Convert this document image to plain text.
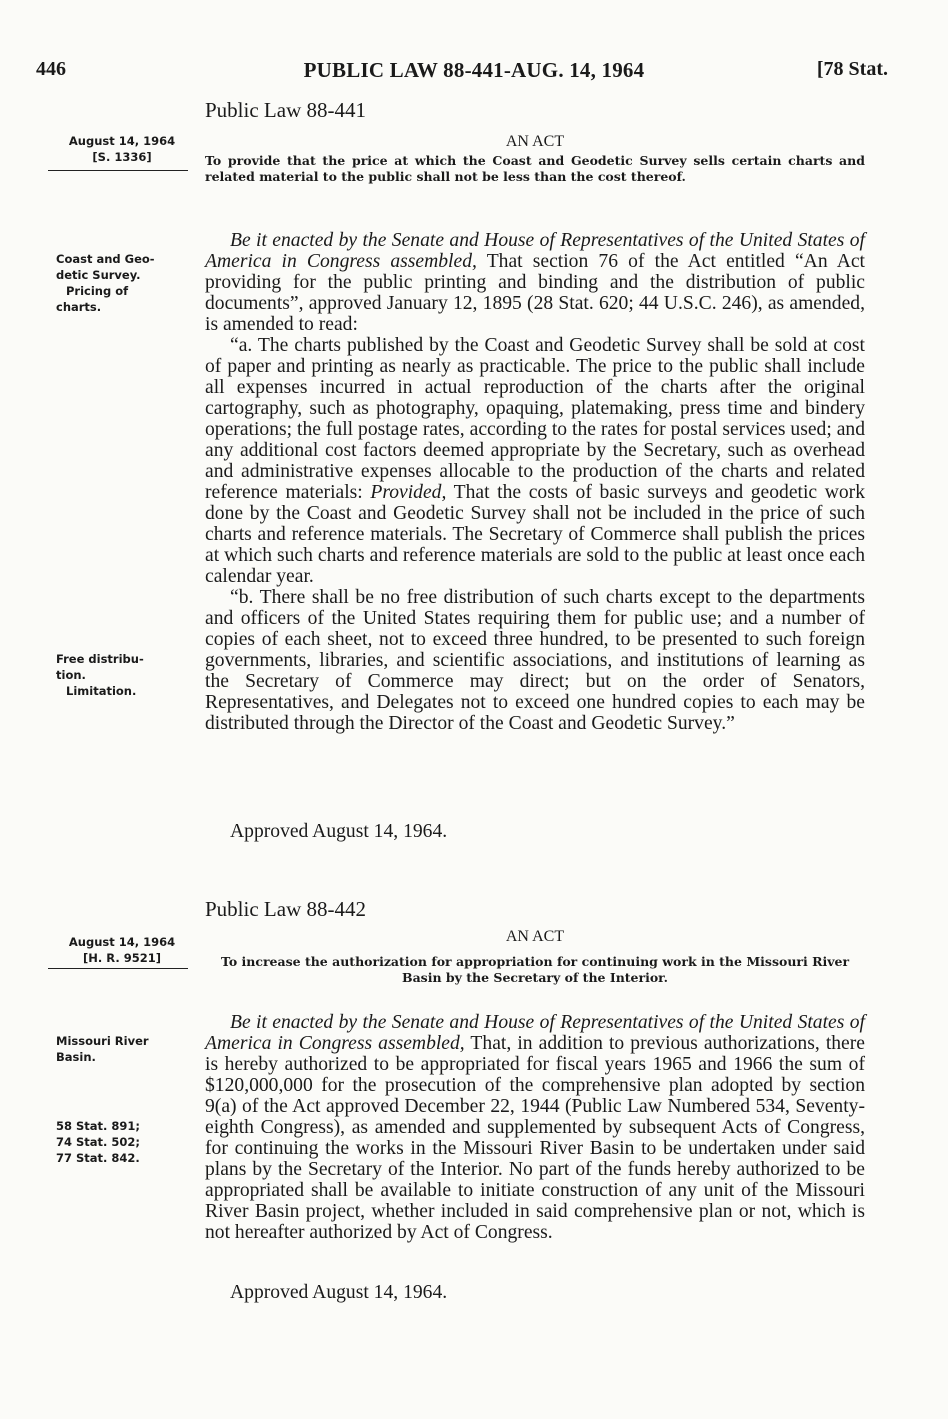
446	PUBLIC LAW 88-441-AUG. 14, 1964	[78 Stat.
Public Law 88-441
AN ACT
August 14, 1964
[S. 1336]	To provide that the price at which the Coast and Geodetic Survey sells certain charts and related material to the public shall not be less than the cost thereof.
Coast and Geo-
detic Survey.
Pricing of
charts.

Be it enacted by the Senate and House of Representatives of the United States of America in Congress assembled, That section 76 of the Act entitled “An Act providing for the public printing and binding and the distribution of public documents”, approved January 12, 1895 (28 Stat. 620; 44 U.S.C. 246), as amended, is amended to read:

“a. The charts published by the Coast and Geodetic Survey shall be sold at cost of paper and printing as nearly as practicable. The price to the public shall include all expenses incurred in actual reproduction of the charts after the original cartography, such as photography, opaquing, platemaking, press time and bindery operations; the full postage rates, according to the rates for postal services used; and any additional cost factors deemed appropriate by the Secretary, such as overhead and administrative expenses allocable to the production of the charts and related reference materials: Provided, That the costs of basic surveys and geodetic work done by the Coast and Geodetic Survey shall not be included in the price of such charts and reference materials. The Secretary of Commerce shall publish the prices at which such charts and reference materials are sold to the public at least once each calendar year.

“b. There shall be no free distribution of such charts except to the departments and officers of the United States requiring them for public use; and a number of copies of each sheet, not to exceed three hundred, to be presented to such foreign governments, libraries, and scientific associations, and institutions of learning as the Secretary of Commerce may direct; but on the order of Senators, Representatives, and Delegates not to exceed one hundred copies to each may be distributed through the Director of the Coast and Geodetic Survey.”

Free distribu-
tion.
Limitation.
Approved August 14, 1964.
Public Law 88-442
AN ACT
August 14, 1964
[H. R. 9521]	To increase the authorization for appropriation for continuing work in the Missouri River Basin by the Secretary of the Interior.
Missouri River
Basin.
58 Stat. 891;
74 Stat. 502;
77 Stat. 842.

Be it enacted by the Senate and House of Representatives of the United States of America in Congress assembled, That, in addition to previous authorizations, there is hereby authorized to be appropriated for fiscal years 1965 and 1966 the sum of $120,000,000 for the prosecution of the comprehensive plan adopted by section 9(a) of the Act approved December 22, 1944 (Public Law Numbered 534, Seventy-eighth Congress), as amended and supplemented by subsequent Acts of Congress, for continuing the works in the Missouri River Basin to be undertaken under said plans by the Secretary of the Interior. No part of the funds hereby authorized to be appropriated shall be available to initiate construction of any unit of the Missouri River Basin project, whether included in said comprehensive plan or not, which is not hereafter authorized by Act of Congress.

Approved August 14, 1964.
